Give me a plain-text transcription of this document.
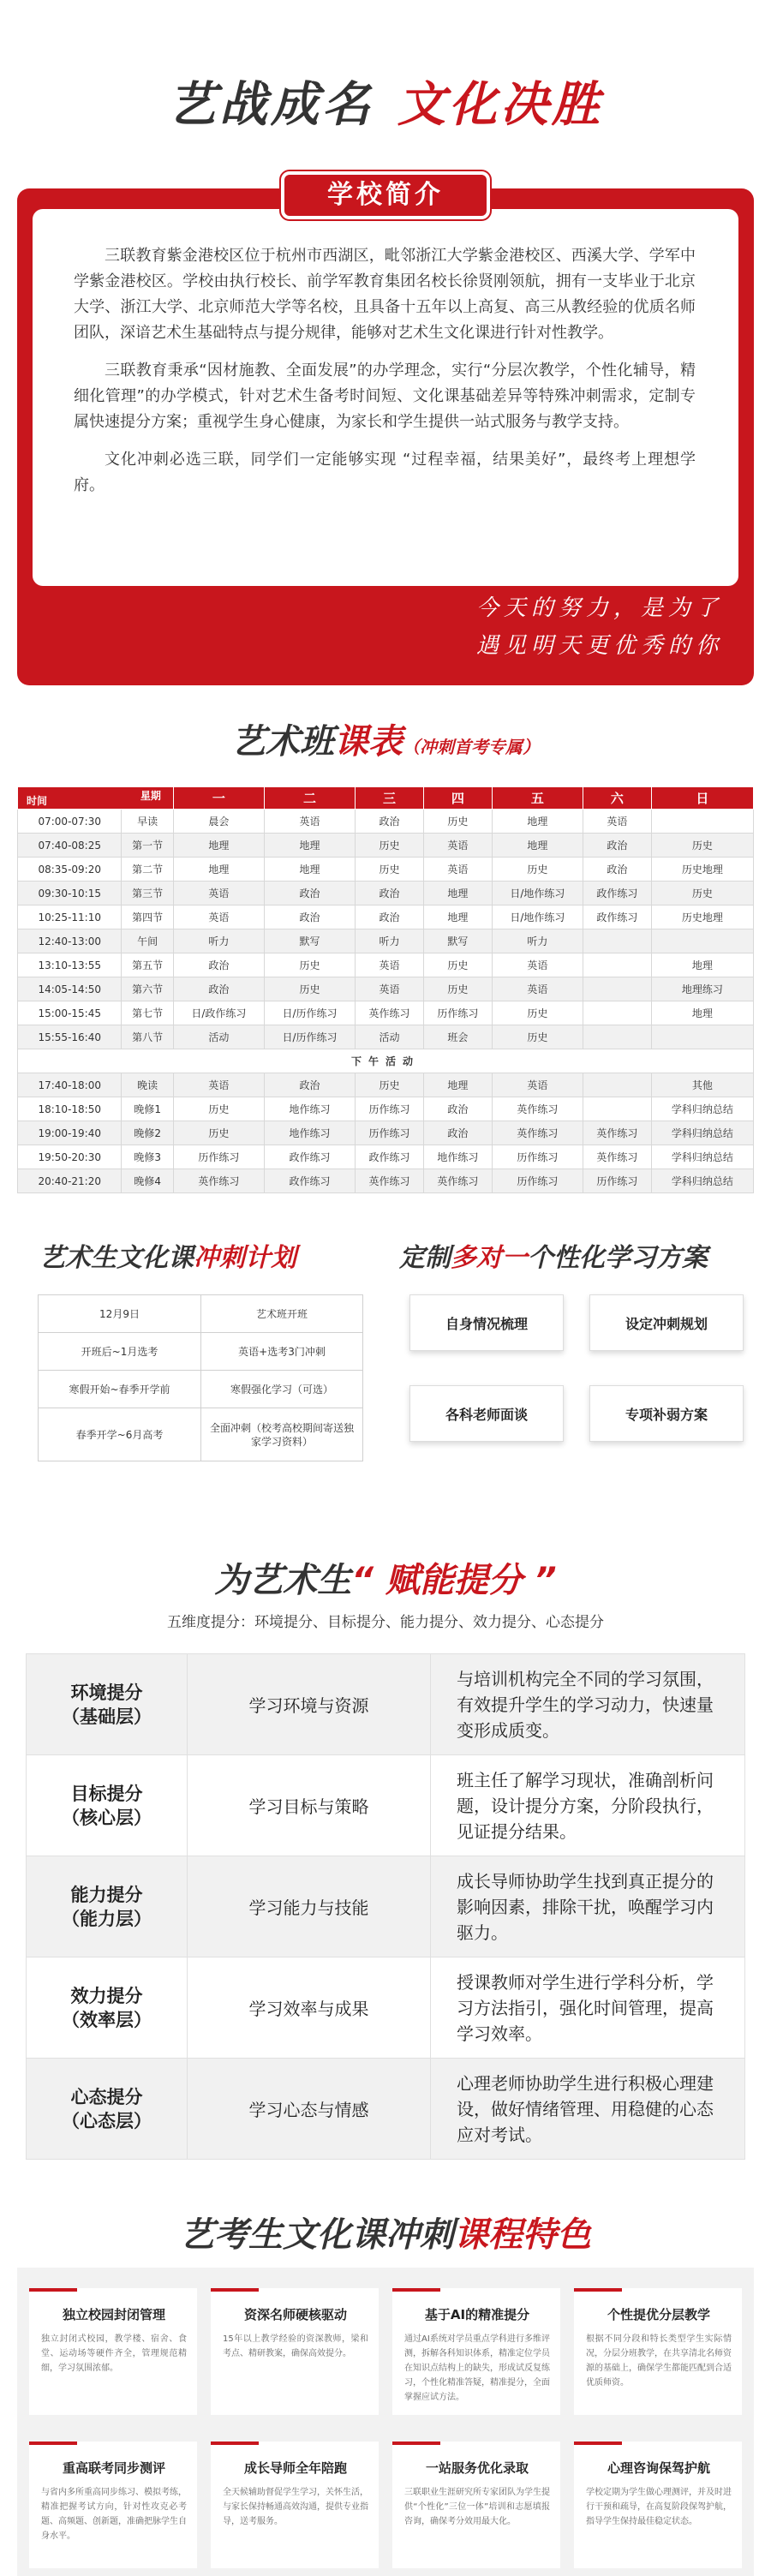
艺战成名 文化决胜
学校简介

三联教育紫金港校区位于杭州市西湖区，毗邻浙江大学紫金港校区、西溪大学、学军中学紫金港校区。学校由执行校长、前学军教育集团名校长徐贤刚领航，拥有一支毕业于北京大学、浙江大学、北京师范大学等名校，且具备十五年以上高复、高三从教经验的优质名师团队，深谙艺术生基础特点与提分规律，能够对艺术生文化课进行针对性教学。

三联教育秉承“因材施教、全面发展”的办学理念，实行“分层次教学，个性化辅导，精细化管理”的办学模式，针对艺术生备考时间短、文化课基础差异等特殊冲刺需求，定制专属快速提分方案；重视学生身心健康，为家长和学生提供一站式服务与教学支持。

文化冲刺必选三联，同学们一定能够实现 “过程幸福，结果美好”，最终考上理想学府。

今天的努力，是为了
遇见明天更优秀的你
艺术班课表（冲刺首考专属）
时间 星期		一	二	三	四	五	六	日
07:00-07:30	早读	晨会	英语	政治	历史	地理	英语	
07:40-08:25	第一节	地理	地理	历史	英语	地理	政治	历史
08:35-09:20	第二节	地理	地理	历史	英语	历史	政治	历史地理
09:30-10:15	第三节	英语	政治	政治	地理	日/地作练习	政作练习	历史
10:25-11:10	第四节	英语	政治	政治	地理	日/地作练习	政作练习	历史地理
12:40-13:00	午间	听力	默写	听力	默写	听力		
13:10-13:55	第五节	政治	历史	英语	历史	英语		地理
14:05-14:50	第六节	政治	历史	英语	历史	英语		地理练习
15:00-15:45	第七节	日/政作练习	日/历作练习	英作练习	历作练习	历史		地理
15:55-16:40	第八节	活动	日/历作练习	活动	班会	历史		
下午活动								
17:40-18:00	晚读	英语	政治	历史	地理	英语		其他
18:10-18:50	晚修1	历史	地作练习	历作练习	政治	英作练习		学科归纳总结
19:00-19:40	晚修2	历史	地作练习	历作练习	政治	英作练习	英作练习	学科归纳总结
19:50-20:30	晚修3	历作练习	政作练习	政作练习	地作练习	历作练习	英作练习	学科归纳总结
20:40-21:20	晚修4	英作练习	政作练习	英作练习	英作练习	历作练习	历作练习	学科归纳总结
艺术生文化课冲刺计划	定制多对一个性化学习方案
12月9日	艺术班开班
开班后~1月选考	英语+选考3门冲刺
寒假开始~春季开学前	寒假强化学习（可选）
春季开学~6月高考	全面冲刺（校考高校期间寄送独家学习资料）
自身情况梳理	设定冲刺规划
各科老师面谈	专项补弱方案
为艺术生“ 赋能提分 ”
五维度提分：环境提分、目标提分、能力提分、效力提分、心态提分
环境提分
（基础层）	学习环境与资源	与培训机构完全不同的学习氛围，有效提升学生的学习动力，快速量变形成质变。
目标提分
（核心层）	学习目标与策略	班主任了解学习现状，准确剖析问题，设计提分方案，分阶段执行，见证提分结果。
能力提分
（能力层）	学习能力与技能	成长导师协助学生找到真正提分的影响因素，排除干扰，唤醒学习内驱力。
效力提分
（效率层）	学习效率与成果	授课教师对学生进行学科分析，学习方法指引，强化时间管理，提高学习效率。
心态提分
（心态层）	学习心态与情感	心理老师协助学生进行积极心理建设，做好情绪管理、用稳健的心态应对考试。
艺考生文化课冲刺课程特色
独立校园封闭管理

独立封闭式校园，教学楼、宿舍、食堂、运动场等硬件齐全，管理规范精细，学习氛围浓郁。

资深名师硬核驱动

15年以上教学经验的资深教师，梁和考点、精研教案，确保高效提分。

基于AI的精准提分

通过AI系统对学员重点学科进行多维评测，拆解各科知识体系，精准定位学员在知识点结构上的缺失，形成试反复练习，个性化精准答疑，精准提分，全面掌握应试方法。

个性提优分层教学

根据不同分段和特长类型学生实际情况，分层分班教学，在共享清北名师资源的基础上，确保学生都能匹配到合适优质师资。

重高联考同步测评

与省内多所重高同步练习、模拟考练，精准把握考试方向，针对性攻克必考题、高频题、创新题，准确把脉学生自身水平。

成长导师全年陪跑

全天候辅助督促学生学习，关怀生活，与家长保持畅通高效沟通，提供专业指导，送考服务。

一站服务优化录取

三联职业生涯研究所专家团队为学生提供“个性化”三位一体”培训和志愿填报咨询，确保考分效用最大化。

心理咨询保驾护航

学校定期为学生做心理测评，并及时进行干预和疏导，在高复阶段保驾护航，指导学生保持最佳稳定状态。
